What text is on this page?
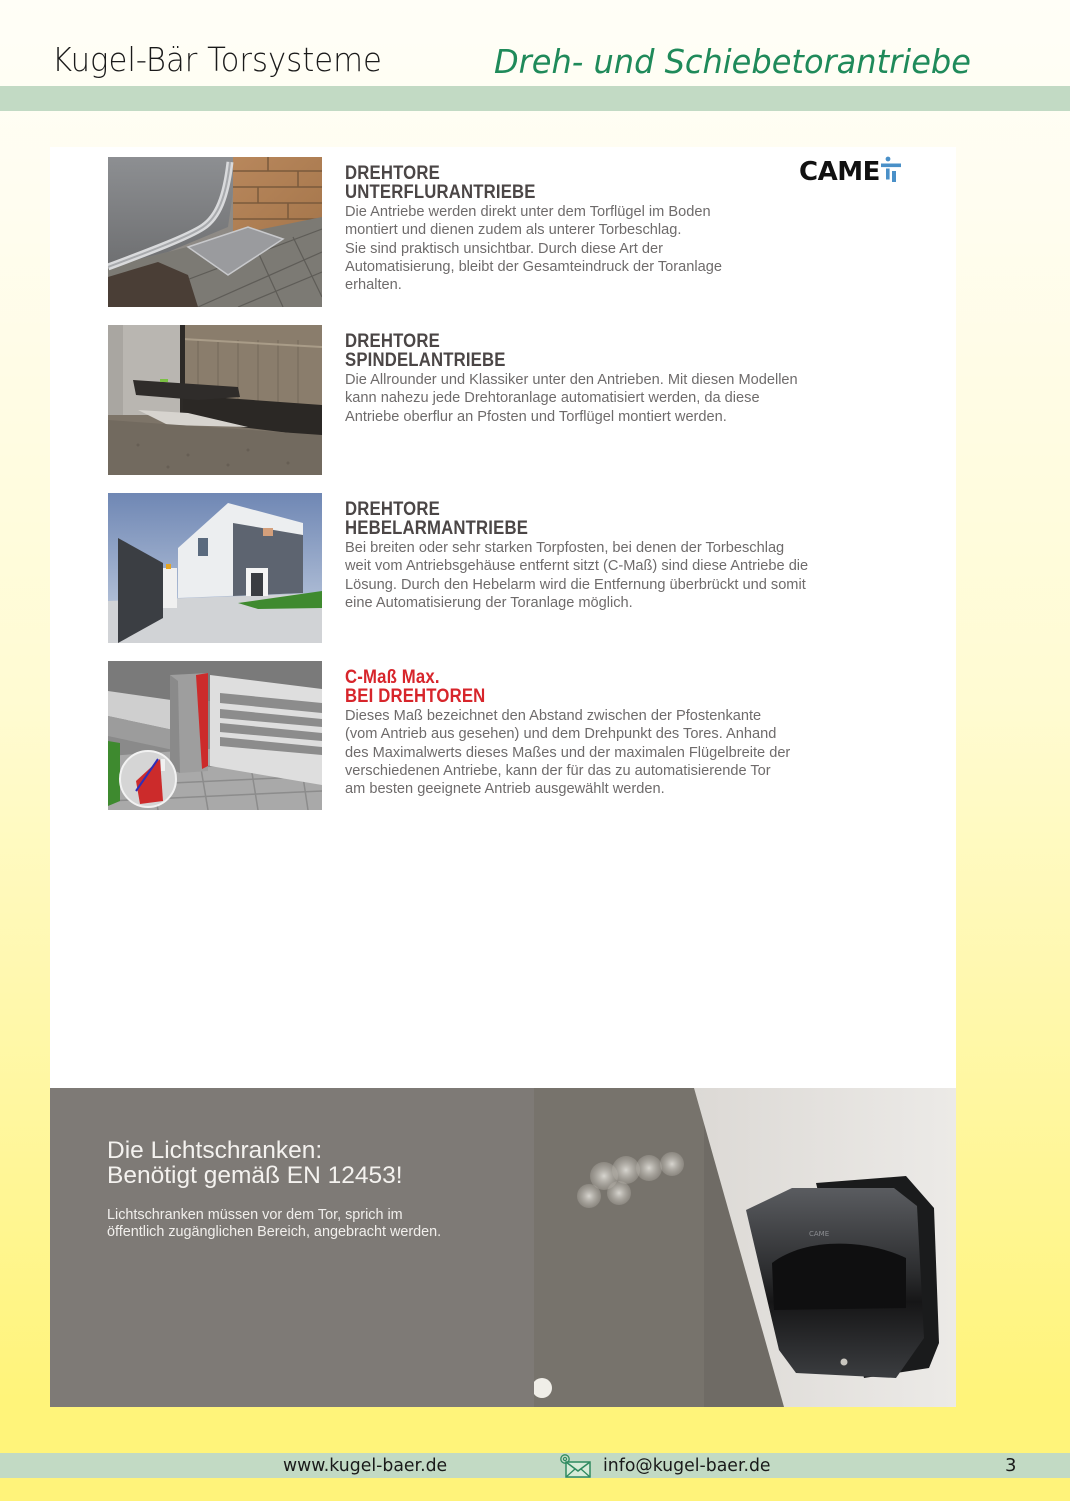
Kugel-Bär Torsysteme	Dreh- und Schiebetorantriebe
CAME
DREHTORE
UNTERFLURANTRIEBE
Die Antriebe werden direkt unter dem Torflügel im Boden
montiert und dienen zudem als unterer Torbeschlag.
Sie sind praktisch unsichtbar. Durch diese Art der
Automatisierung, bleibt der Gesamteindruck der Toranlage
erhalten.
DREHTORE
SPINDELANTRIEBE
Die Allrounder und Klassiker unter den Antrieben. Mit diesen Modellen
kann nahezu jede Drehtoranlage automatisiert werden, da diese
Antriebe oberflur an Pfosten und Torflügel montiert werden.
DREHTORE
HEBELARMANTRIEBE
Bei breiten oder sehr starken Torpfosten, bei denen der Torbeschlag
weit vom Antriebsgehäuse entfernt sitzt (C-Maß) sind diese Antriebe die
Lösung. Durch den Hebelarm wird die Entfernung überbrückt und somit
eine Automatisierung der Toranlage möglich.
C-Maß Max.
BEI DREHTOREN
Dieses Maß bezeichnet den Abstand zwischen der Pfostenkante
(vom Antrieb aus gesehen) und dem Drehpunkt des Tores. Anhand
des Maximalwerts dieses Maßes und der maximalen Flügelbreite der
verschiedenen Antriebe, kann der für das zu automatisierende Tor
am besten geeignete Antrieb ausgewählt werden.
Die Lichtschranken:
Benötigt gemäß EN 12453!
Lichtschranken müssen vor dem Tor, sprich im
öffentlich zugänglichen Bereich, angebracht werden.	CAME
www.kugel-baer.de	info@kugel-baer.de	3
